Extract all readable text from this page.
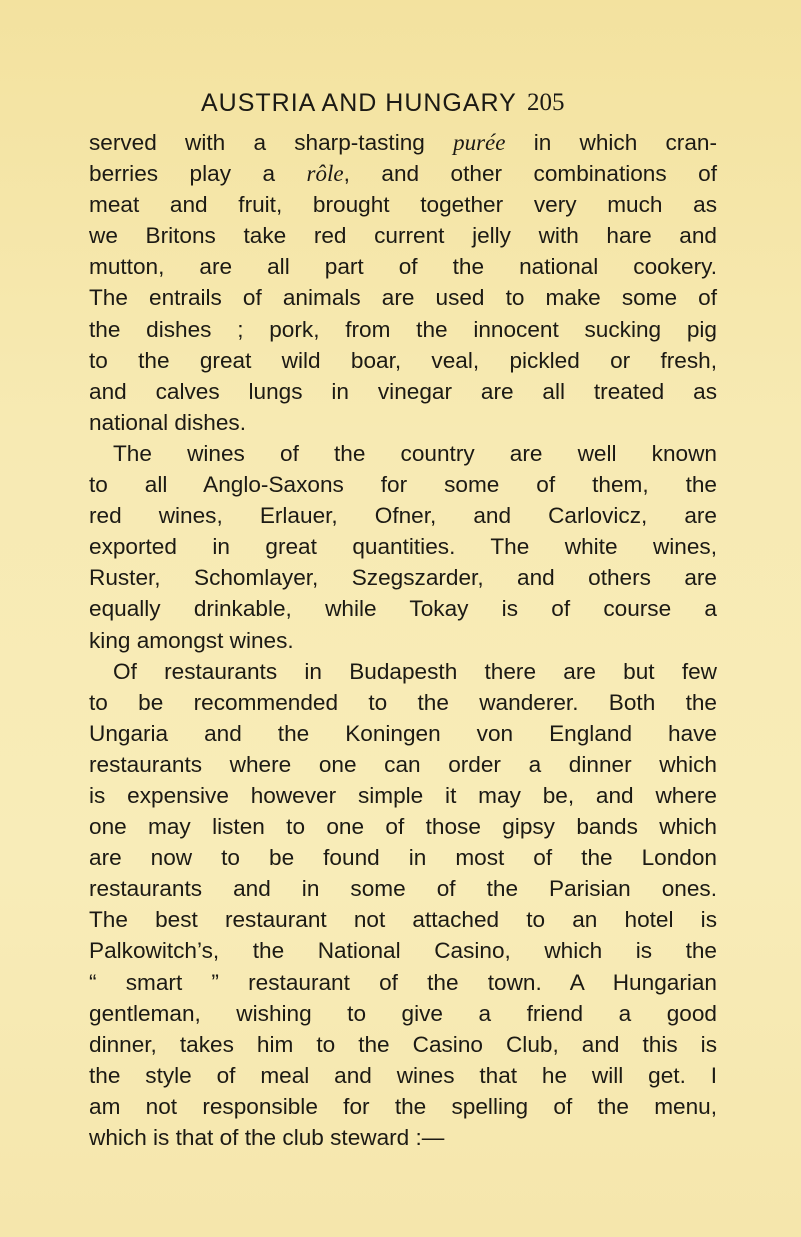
AUSTRIA AND HUNGARY 205
served with a sharp-tasting purée in which cran-
berries play a rôle, and other combinations of
meat and fruit, brought together very much as
we Britons take red current jelly with hare and
mutton, are all part of the national cookery.
The entrails of animals are used to make some of
the dishes ; pork, from the innocent sucking pig
to the great wild boar, veal, pickled or fresh,
and calves lungs in vinegar are all treated as
national dishes.
The wines of the country are well known
to all Anglo-Saxons for some of them, the
red wines, Erlauer, Ofner, and Carlovicz, are
exported in great quantities. The white wines,
Ruster, Schomlayer, Szegszarder, and others are
equally drinkable, while Tokay is of course a
king amongst wines.
Of restaurants in Budapesth there are but few
to be recommended to the wanderer. Both the
Ungaria and the Koningen von England have
restaurants where one can order a dinner which
is expensive however simple it may be, and where
one may listen to one of those gipsy bands which
are now to be found in most of the London
restaurants and in some of the Parisian ones.
The best restaurant not attached to an hotel is
Palkowitch’s, the National Casino, which is the
“ smart ” restaurant of the town. A Hungarian
gentleman, wishing to give a friend a good
dinner, takes him to the Casino Club, and this is
the style of meal and wines that he will get. I
am not responsible for the spelling of the menu,
which is that of the club steward :—
